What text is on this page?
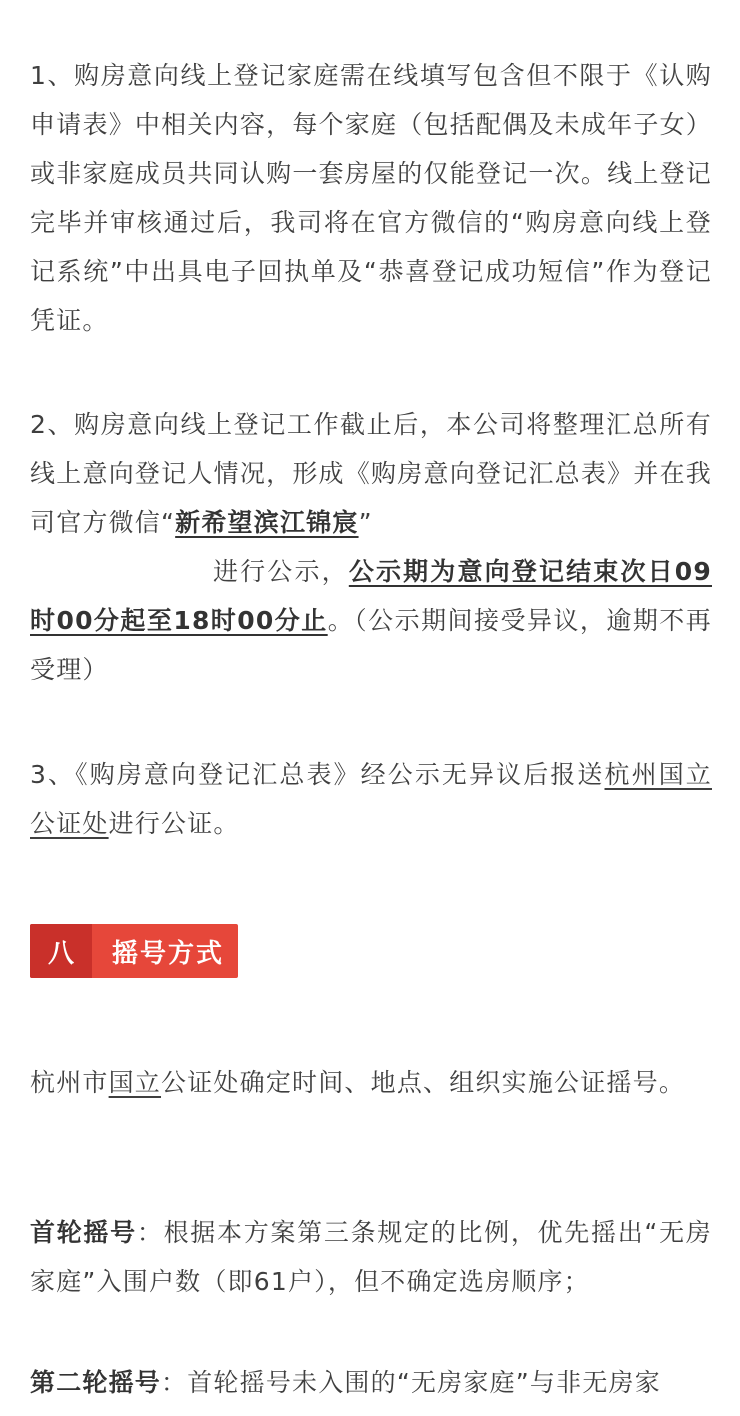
1、购房意向线上登记家庭需在线填写包含但不限于《认购申请表》中相关内容，每个家庭（包括配偶及未成年子女）或非家庭成员共同认购一套房屋的仅能登记一次。线上登记完毕并审核通过后，我司将在官方微信的“购房意向线上登记系统”中出具电子回执单及“恭喜登记成功短信”作为登记凭证。

2、购房意向线上登记工作截止后，本公司将整理汇总所有线上意向登记人情况，形成《购房意向登记汇总表》并在我司官方微信“新希望滨江锦宸”
进行公示，公示期为意向登记结束次日09时00分起至18时00分止。（公示期间接受异议，逾期不再受理）

3、《购房意向登记汇总表》经公示无异议后报送杭州国立公证处进行公证。

八	摇号方式

杭州市国立公证处确定时间、地点、组织实施公证摇号。

首轮摇号：根据本方案第三条规定的比例，优先摇出“无房家庭”入围户数（即61户），但不确定选房顺序；

第二轮摇号：首轮摇号未入围的“无房家庭”与非无房家
